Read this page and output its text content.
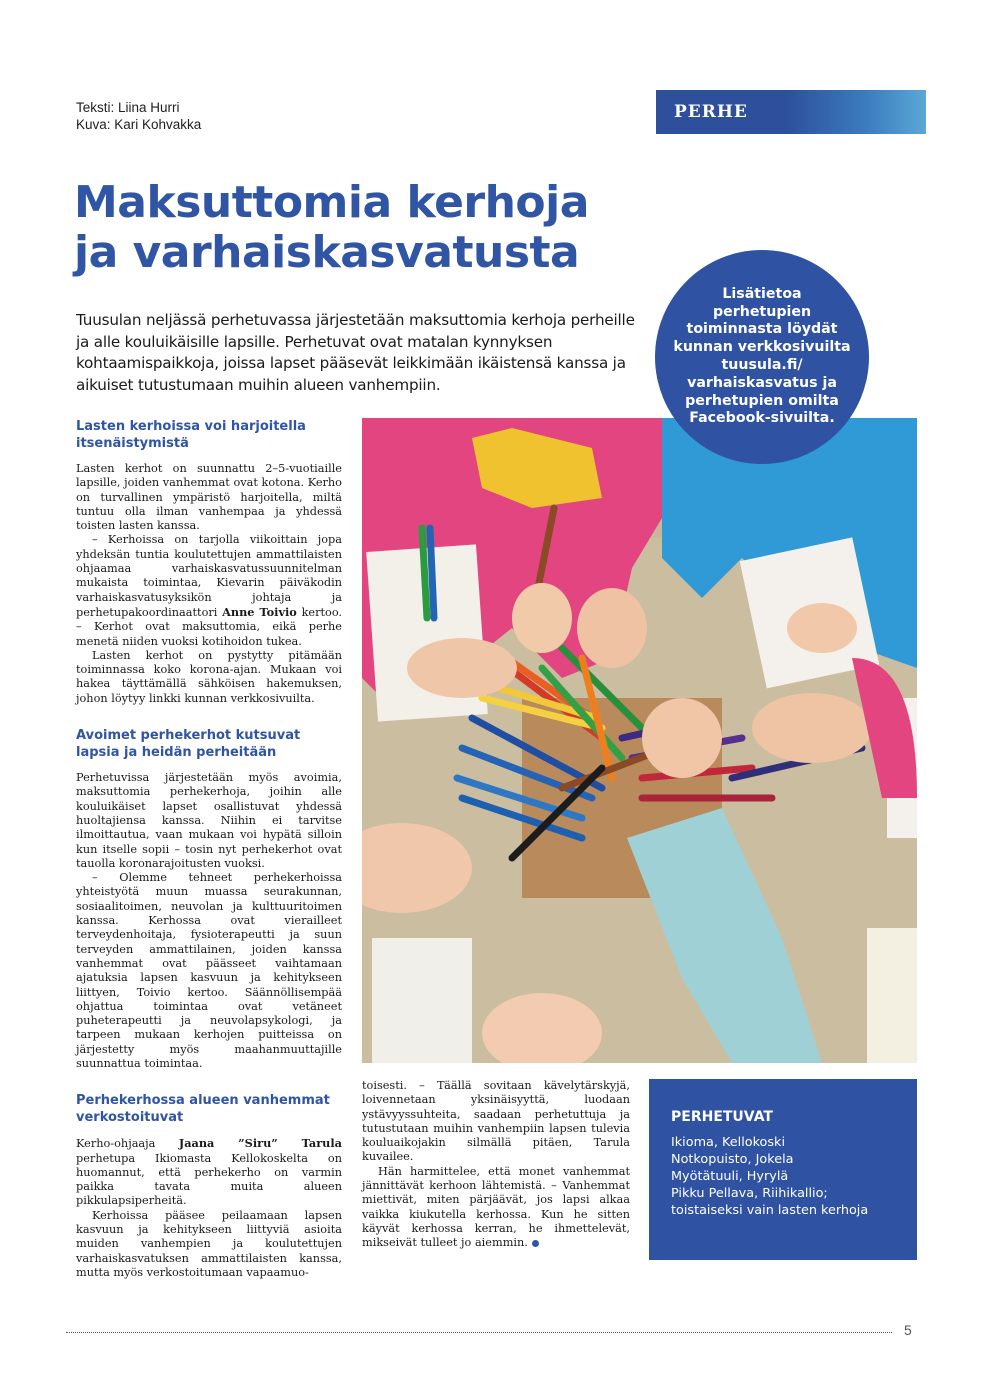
Teksti: Liina Hurri
Kuva: Kari Kohvakka
PERHE
Maksuttomia kerhoja
ja varhaiskasvatusta

Tuusulan neljässä perhetuvassa järjestetään maksuttomia kerhoja perheille ja alle kouluikäisille lapsille. Perhetuvat ovat matalan kynnyksen kohtaamispaikkoja, joissa lapset pääsevät leikkimään ikäistensä kanssa ja aikuiset tutustumaan muihin alueen vanhempiin.

Lisätietoa perhetupien toiminnasta löydät kunnan verkkosivuilta tuusula.fi/ varhaiskasvatus ja perhetupien omilta Facebook-sivuilta.

Lasten kerhoissa voi harjoitella itsenäistymistä

Lasten kerhot on suunnattu 2–5-vuotiaille lapsille, joiden vanhemmat ovat kotona. Kerho on turvallinen ympäristö harjoitella, miltä tuntuu olla ilman vanhempaa ja yhdessä toisten lasten kanssa.

– Kerhoissa on tarjolla viikoittain jopa yhdeksän tuntia koulutettujen ammattilaisten ohjaamaa varhaiskasvatussuunnitelman mukaista toimintaa, Kievarin päiväkodin varhaiskasvatusyksikön johtaja ja perhetupakoordinaattori Anne Toivio kertoo. – Kerhot ovat maksuttomia, eikä perhe menetä niiden vuoksi kotihoidon tukea.

Lasten kerhot on pystytty pitämään toiminnassa koko korona-ajan. Mukaan voi hakea täyttämällä sähköisen hakemuksen, johon löytyy linkki kunnan verkkosivuilta.

Avoimet perhekerhot kutsuvat lapsia ja heidän perheitään

Perhetuvissa järjestetään myös avoimia, maksuttomia perhekerhoja, joihin alle kouluikäiset lapset osallistuvat yhdessä huoltajiensa kanssa. Niihin ei tarvitse ilmoittautua, vaan mukaan voi hypätä silloin kun itselle sopii – tosin nyt perhekerhot ovat tauolla koronarajoitusten vuoksi.

– Olemme tehneet perhekerhoissa yhteistyötä muun muassa seurakunnan, sosiaalitoimen, neuvolan ja kulttuuritoimen kanssa. Kerhossa ovat vierailleet terveydenhoitaja, fysioterapeutti ja suun terveyden ammattilainen, joiden kanssa vanhemmat ovat päässeet vaihtamaan ajatuksia lapsen kasvuun ja kehitykseen liittyen, Toivio kertoo. Säännöllisempää ohjattua toimintaa ovat vetäneet puheterapeutti ja neuvolapsykologi, ja tarpeen mukaan kerhojen puitteissa on järjestetty myös maahanmuuttajille suunnattua toimintaa.

Perhekerhossa alueen vanhemmat verkostoituvat

Kerho-ohjaaja Jaana ”Siru” Tarula perhetupa Ikiomasta Kellokoskelta on huomannut, että perhekerho on varmin paikka tavata muita alueen pikkulapsiperheitä.

Kerhoissa pääsee peilaamaan lapsen kasvuun ja kehitykseen liittyviä asioita muiden vanhempien ja koulutettujen varhaiskasvatuksen ammattilaisten kanssa, mutta myös verkostoitumaan vapaamuo-

toisesti. – Täällä sovitaan kävelytärskyjä, loivennetaan yksinäisyyttä, luodaan ystävyyssuhteita, saadaan perhetuttuja ja tutustutaan muihin vanhempiin lapsen tulevia kouluaikojakin silmällä pitäen, Tarula kuvailee.

Hän harmittelee, että monet vanhemmat jännittävät kerhoon lähtemistä. – Vanhemmat miettivät, miten pärjäävät, jos lapsi alkaa vaikka kiukutella kerhossa. Kun he sitten käyvät kerhossa kerran, he ihmettelevät, mikseivät tulleet jo aiemmin.

PERHETUVAT
Ikioma, Kellokoski
Notkopuisto, Jokela
Myötätuuli, Hyrylä
Pikku Pellava, Riihikallio;
toistaiseksi vain lasten kerhoja
5
